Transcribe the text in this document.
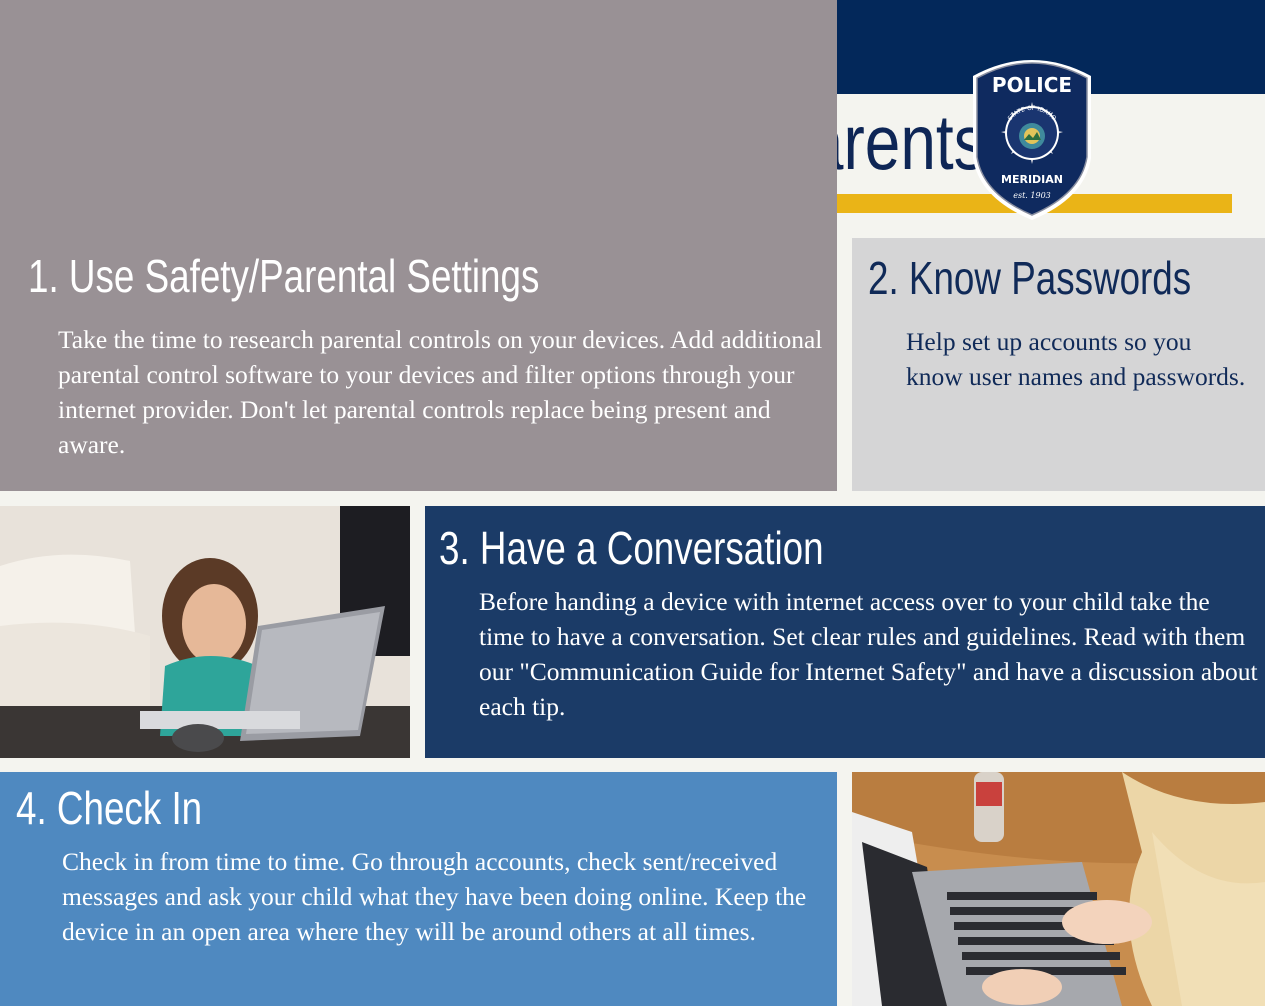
Parents
POLICE
STATE OF IDAHO
MERIDIAN
est. 1903
2. Know Passwords

Help set up accounts so you know user names and passwords.

3. Have a Conversation

Before handing a device with internet access over to your child take the time to have a conversation. Set clear rules and guidelines. Read with them our "Communication Guide for Internet Safety" and have a discussion about each tip.

4. Check In

Check in from time to time. Go through accounts, check sent/received messages and ask your child what they have been doing online. Keep the device in an open area where they will be around others at all times.

1. Use Safety/Parental Settings

Take the time to research parental controls on your devices. Add additional parental control software to your devices and filter options through your internet provider. Don't let parental controls replace being present and aware.
